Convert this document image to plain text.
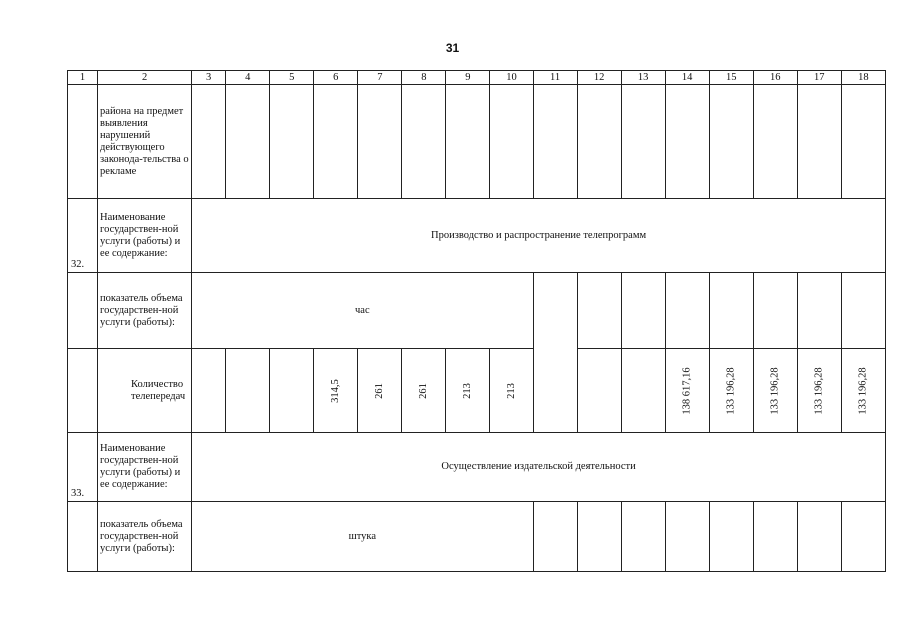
31
1	2	3	4	5	6	7	8	9	10	11	12	13	14	15	16	17	18
	района на предмет выявления нарушений действующего законода-тельства о рекламе																
32.	Наименование государствен-ной услуги (работы) и ее содержание:	Производство и распространение телепрограмм															
	показатель объема государствен-ной услуги (работы):	час															
	Количество телепередач				314,5	261	261	213	213				138 617,16	133 196,28	133 196,28	133 196,28	133 196,28

33.	Наименование государствен-ной услуги (работы) и ее содержание:	Осуществление издательской деятельности															
	показатель объема государствен-ной услуги (работы):	штука															
